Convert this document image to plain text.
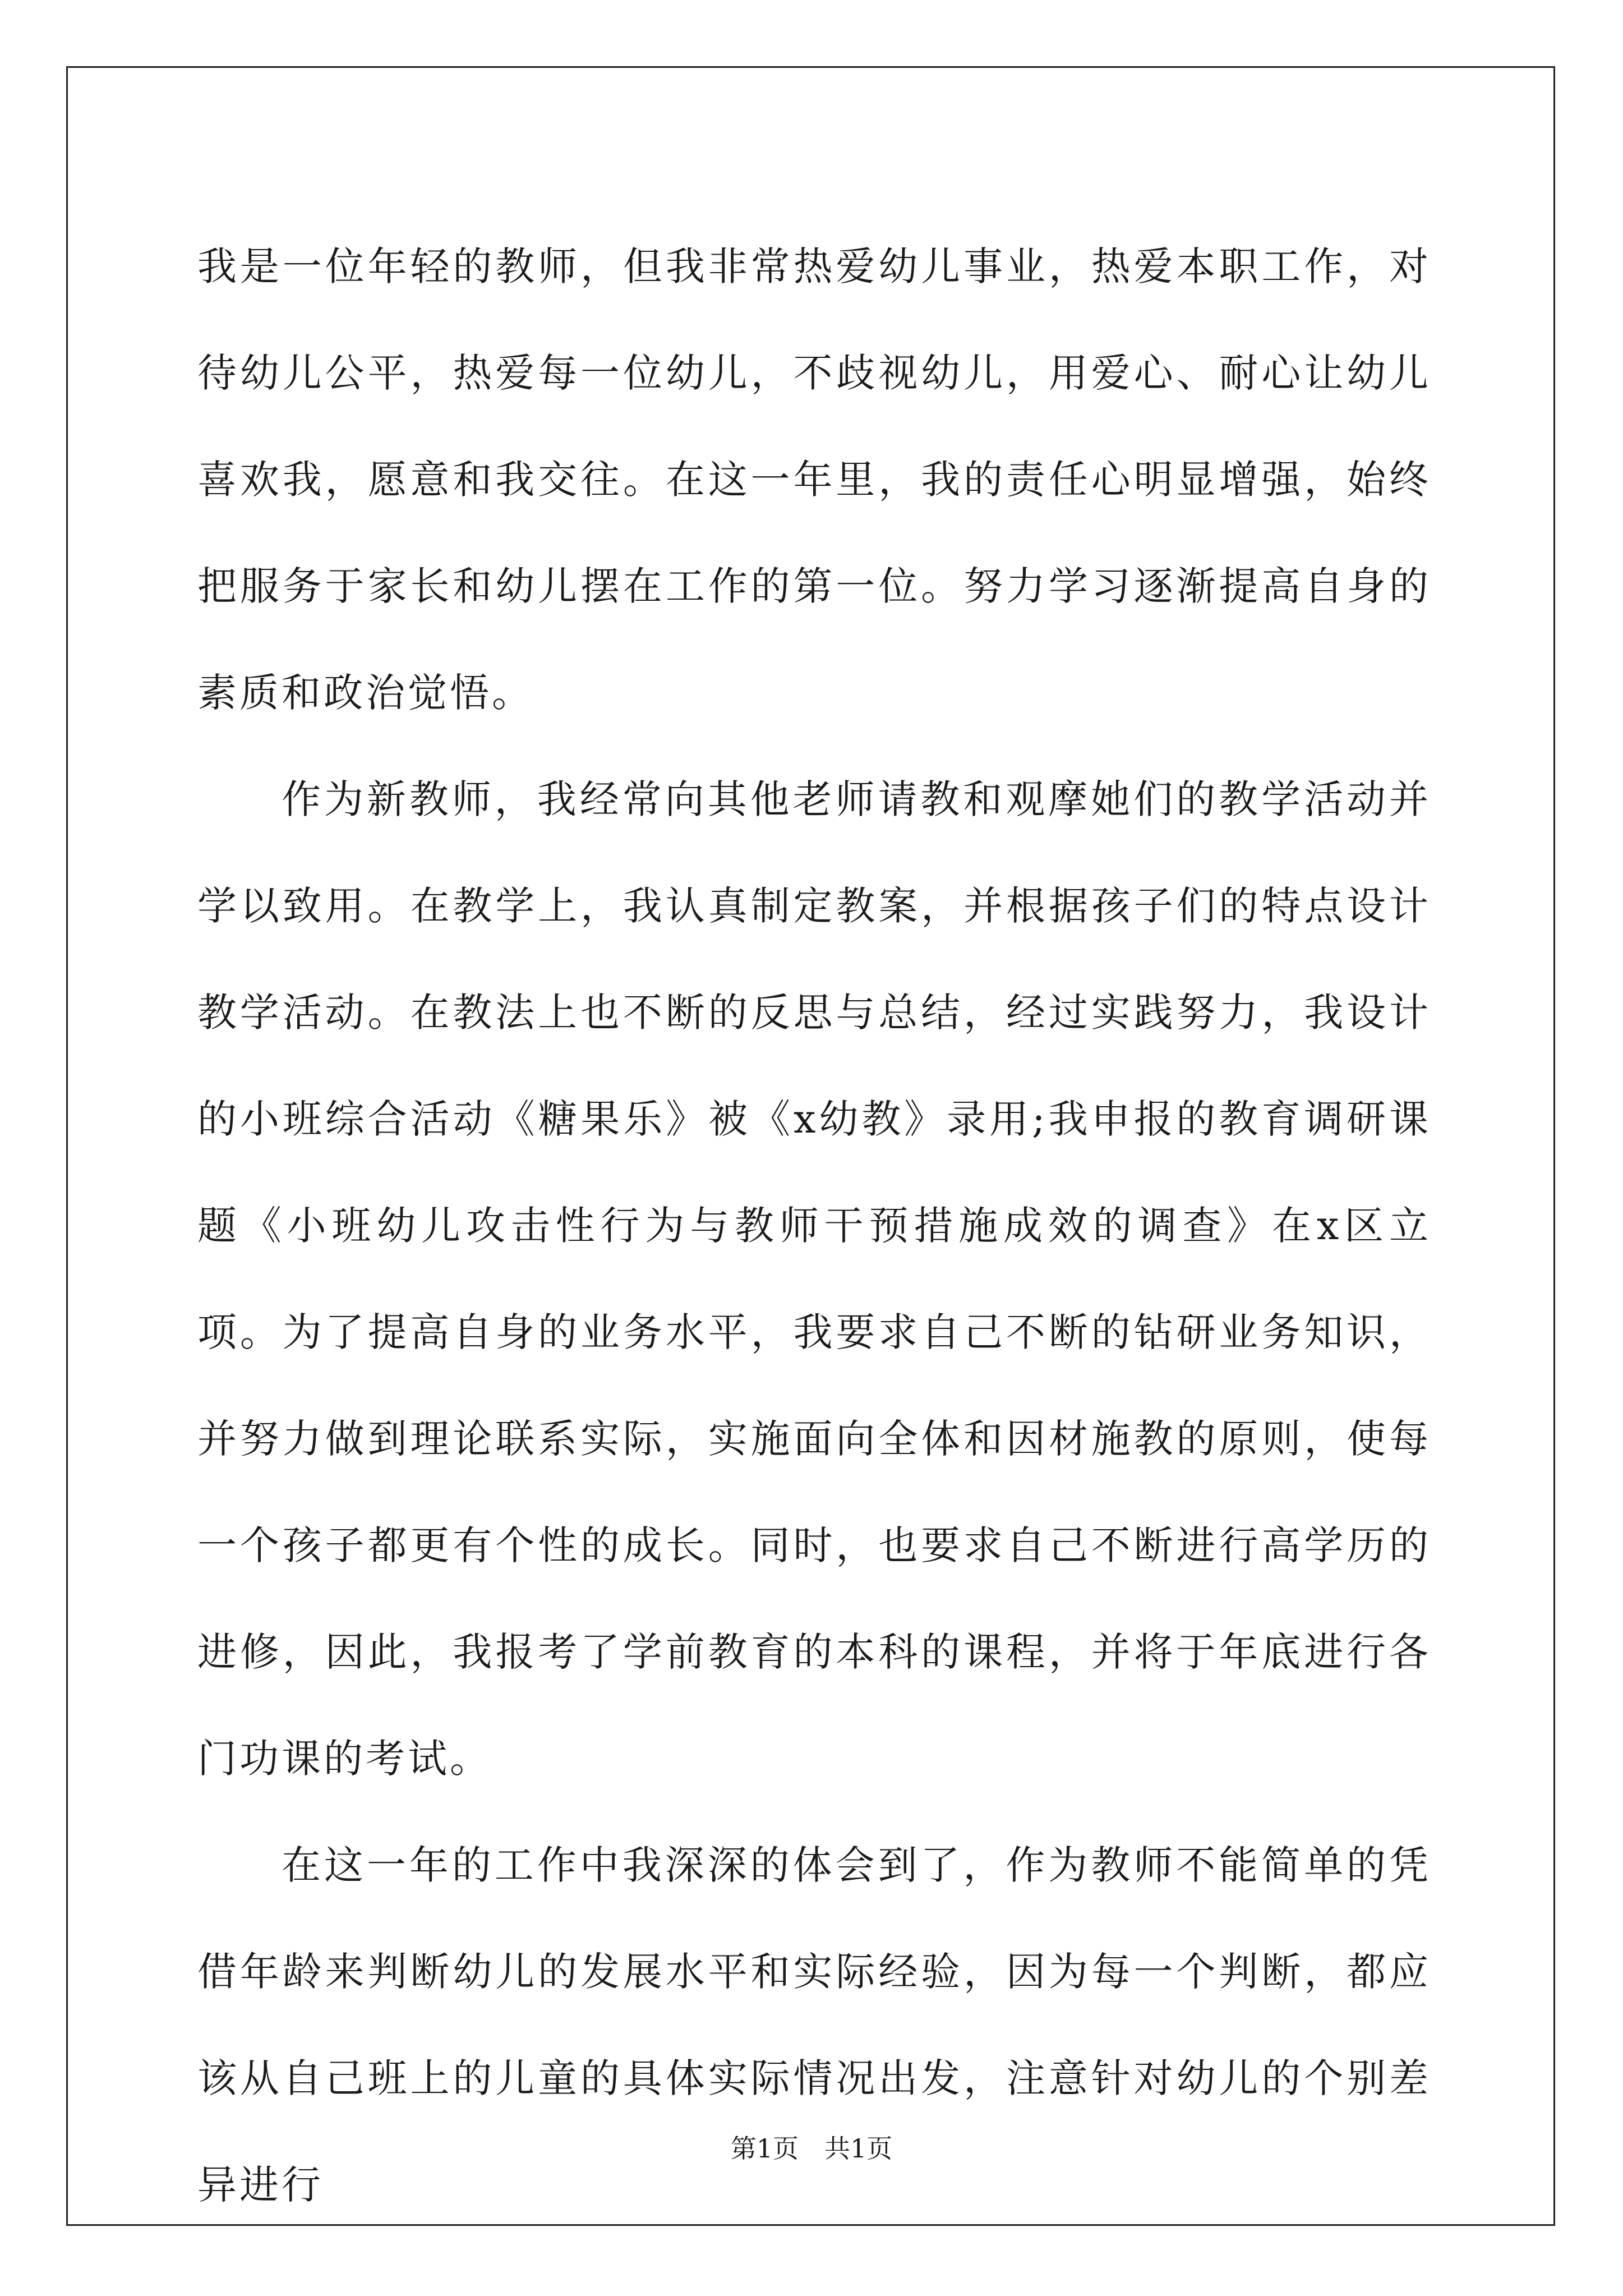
我是一位年轻的教师，但我非常热爱幼儿事业，热爱本职工作，对待幼儿公平，热爱每一位幼儿，不歧视幼儿，用爱心、耐心让幼儿喜欢我，愿意和我交往。在这一年里，我的责任心明显增强，始终把服务于家长和幼儿摆在工作的第一位。努力学习逐渐提高自身的素质和政治觉悟。

作为新教师，我经常向其他老师请教和观摩她们的教学活动并学以致用。在教学上，我认真制定教案，并根据孩子们的特点设计教学活动。在教法上也不断的反思与总结，经过实践努力，我设计的小班综合活动《糖果乐》被《x幼教》录用;我申报的教育调研课题《小班幼儿攻击性行为与教师干预措施成效的调查》在x区立项。为了提高自身的业务水平，我要求自己不断的钻研业务知识，并努力做到理论联系实际，实施面向全体和因材施教的原则，使每一个孩子都更有个性的成长。同时，也要求自己不断进行高学历的进修，因此，我报考了学前教育的本科的课程，并将于年底进行各门功课的考试。

在这一年的工作中我深深的体会到了，作为教师不能简单的凭借年龄来判断幼儿的发展水平和实际经验，因为每一个判断，都应该从自己班上的儿童的具体实际情况出发，注意针对幼儿的个别差异进行

第1页 共1页
